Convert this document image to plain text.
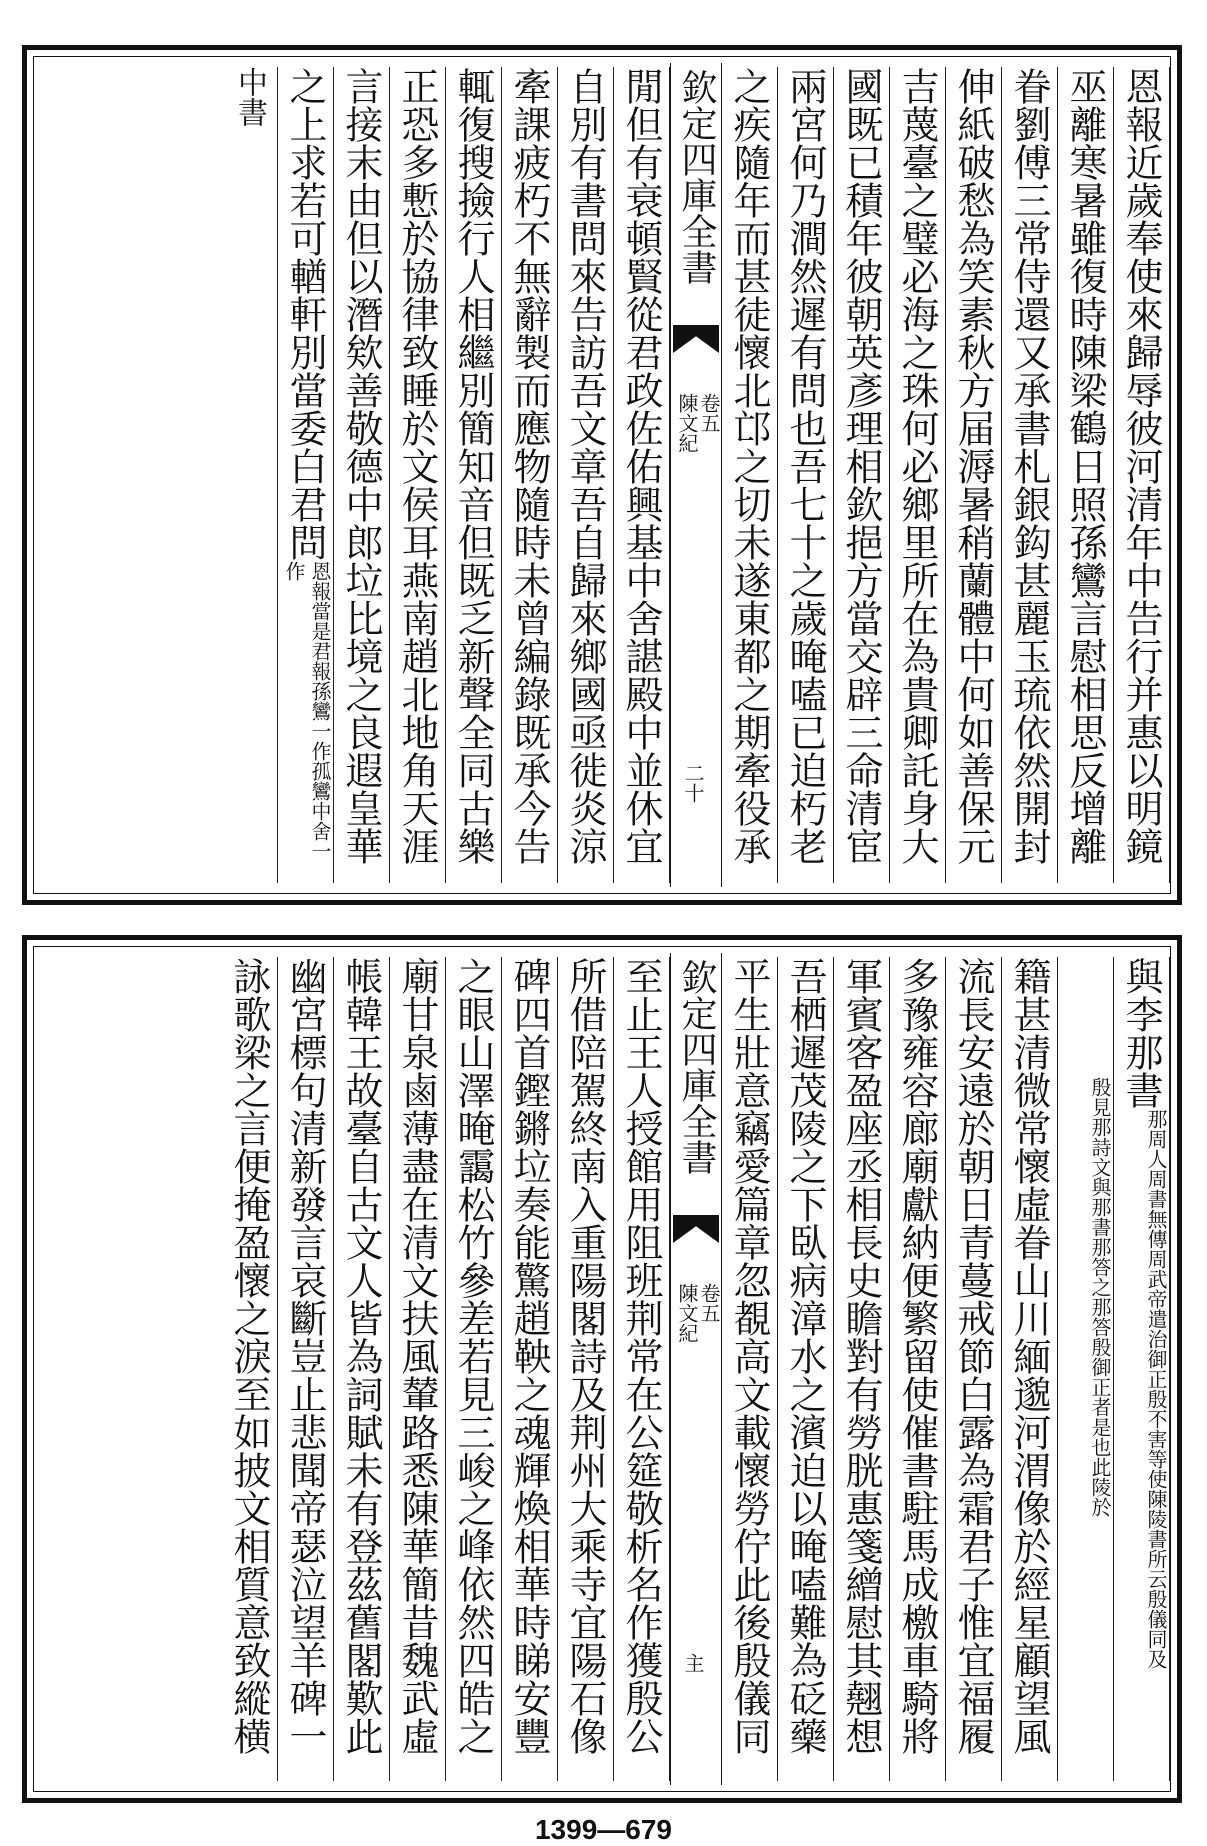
恩報近歲奉使來歸辱彼河清年中告行并惠以明鏡
巫離寒暑雖復時陳梁鶴日照孫鸞言慰相思反增離
眷劉傅三常侍還又承書札銀鈎甚麗玉琉依然開封
伸紙破愁為笑素秋方届溽暑稍蘭體中何如善保元
吉蔑臺之璧必海之珠何必鄉里所在為貴卿託身大
國既已積年彼朝英彥理相欽挹方當交辟三命清宦
兩宮何乃澗然遲有問也吾七十之歲晻嗑已迫朽老
之疾隨年而甚徒懷北邙之切未遂東都之期牽役承
欽定四庫全書
陳文紀
卷五
二十
閒但有衰頓賢從君政佐佑興基中舍諶殿中並休宜
自別有書問來告訪吾文章吾自歸來鄉國亟徙炎涼
牽課疲朽不無辭製而應物隨時未曾編錄既承今告
輒復搜撿行人相繼別簡知音但既乏新聲全同古樂
正恐多慙於協律致睡於文侯耳燕南趙北地角天涯
言接末由但以潛欸善敬德中郎垃比境之良遐皇華
之上求若可輶軒別當委白君問恩報當是君報孫鸞一作孤鸞中舍一作
中書
與李那書那周人周書無傳周武帝遣治御正殷不害等使陳陵書所云殷儀同及
殷見那詩文與那書那答之那答殷御正者是也此陵於
籍甚清微常懷虛眷山川緬邈河渭像於經星顧望風
流長安遠於朝日青蔓戒節白露為霜君子惟宜福履
多豫雍容廊廟獻納便繁留使催書駐馬成檄車騎將
軍賓客盈座丞相長史瞻對有勞胱惠箋繒慰其翹想
吾栖遲茂陵之下臥病漳水之濱迫以晻嗑難為砭藥
平生壯意竊愛篇章忽覩高文載懷勞佇此後殷儀同
欽定四庫全書
陳文紀
卷五
主
至止王人授館用阻班荆常在公筵敬析名作獲殷公
所借陪駕終南入重陽閣詩及荆州大乘寺宜陽石像
碑四首鏗鏘垃奏能驚趙鞅之魂輝煥相華時睇安豐
之眼山澤晻靄松竹參差若見三峻之峰依然四皓之
廟甘泉鹵薄盡在清文扶風輦路悉陳華簡昔魏武虛
帳韓王故臺自古文人皆為詞賦未有登茲舊閣歎此
幽宮標句清新發言哀斷豈止悲聞帝瑟泣望羊碑一
詠歌梁之言便掩盈懷之淚至如披文相質意致縱横
1399—679
